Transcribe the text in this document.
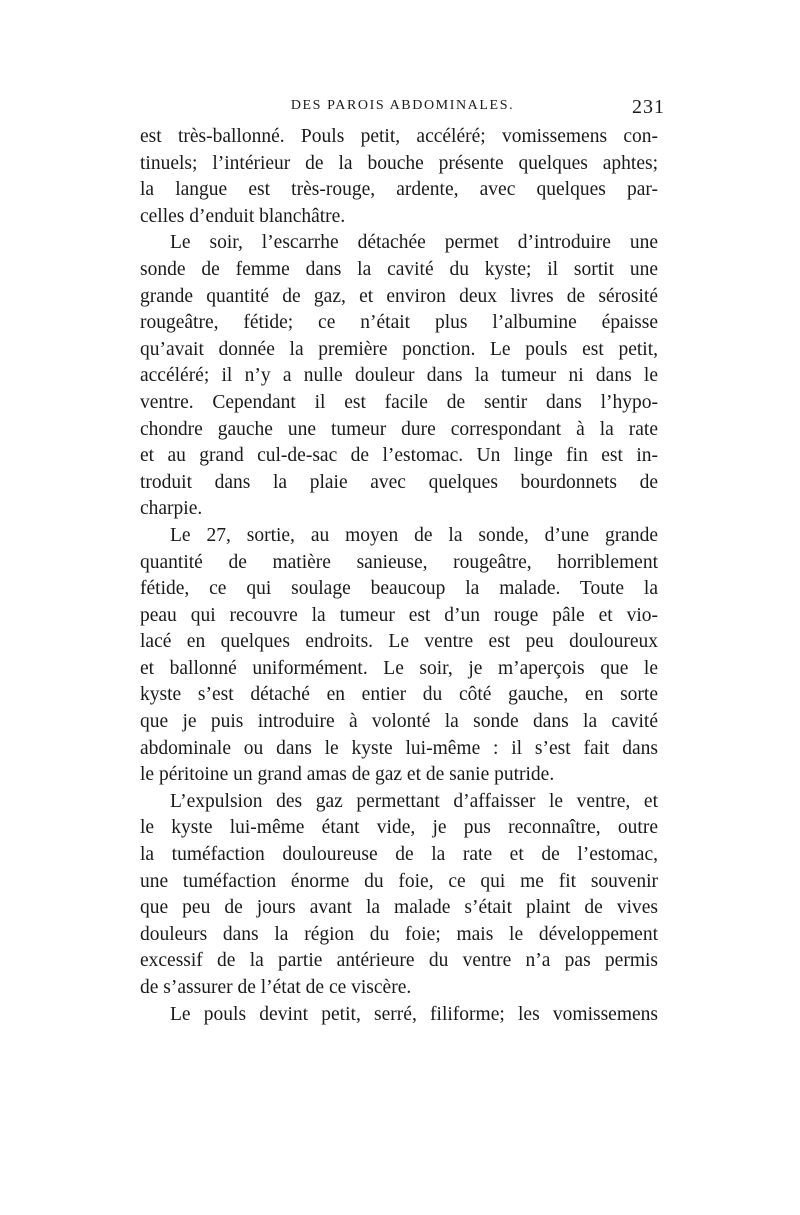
DES PAROIS ABDOMINALES.	231
est très-ballonné. Pouls petit, accéléré; vomissemens con-
tinuels; l’intérieur de la bouche présente quelques aphtes;
la langue est très-rouge, ardente, avec quelques par-
celles d’enduit blanchâtre.
Le soir, l’escarrhe détachée permet d’introduire une
sonde de femme dans la cavité du kyste; il sortit une
grande quantité de gaz, et environ deux livres de sérosité
rougeâtre, fétide; ce n’était plus l’albumine épaisse
qu’avait donnée la première ponction. Le pouls est petit,
accéléré; il n’y a nulle douleur dans la tumeur ni dans le
ventre. Cependant il est facile de sentir dans l’hypo-
chondre gauche une tumeur dure correspondant à la rate
et au grand cul-de-sac de l’estomac. Un linge fin est in-
troduit dans la plaie avec quelques bourdonnets de
charpie.
Le 27, sortie, au moyen de la sonde, d’une grande
quantité de matière sanieuse, rougeâtre, horriblement
fétide, ce qui soulage beaucoup la malade. Toute la
peau qui recouvre la tumeur est d’un rouge pâle et vio-
lacé en quelques endroits. Le ventre est peu douloureux
et ballonné uniformément. Le soir, je m’aperçois que le
kyste s’est détaché en entier du côté gauche, en sorte
que je puis introduire à volonté la sonde dans la cavité
abdominale ou dans le kyste lui-même : il s’est fait dans
le péritoine un grand amas de gaz et de sanie putride.
L’expulsion des gaz permettant d’affaisser le ventre, et
le kyste lui-même étant vide, je pus reconnaître, outre
la tuméfaction douloureuse de la rate et de l’estomac,
une tuméfaction énorme du foie, ce qui me fit souvenir
que peu de jours avant la malade s’était plaint de vives
douleurs dans la région du foie; mais le développement
excessif de la partie antérieure du ventre n’a pas permis
de s’assurer de l’état de ce viscère.
Le pouls devint petit, serré, filiforme; les vomissemens
